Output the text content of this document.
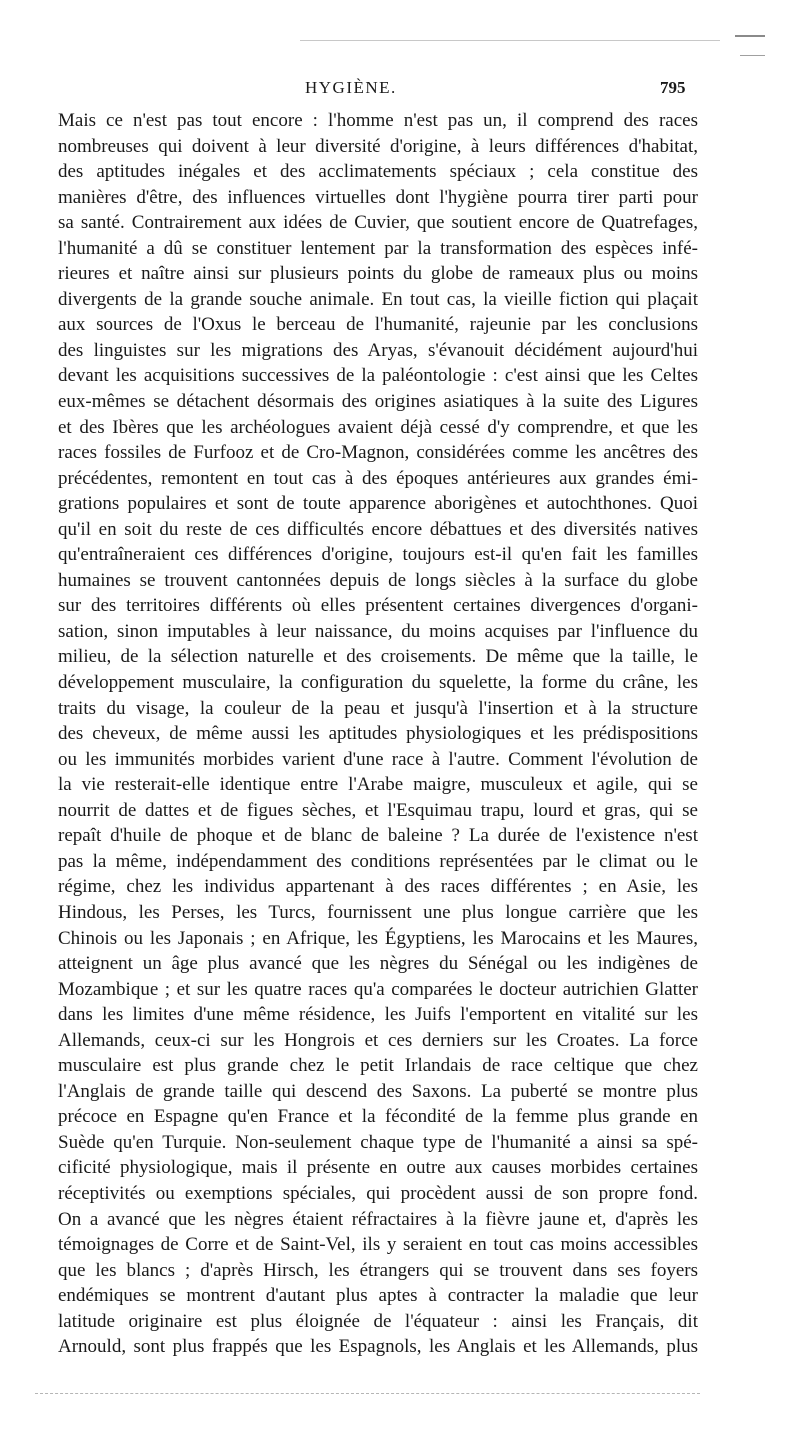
HYGIÈNE.	795
Mais ce n'est pas tout encore : l'homme n'est pas un, il comprend des races
nombreuses qui doivent à leur diversité d'origine, à leurs différences d'habitat,
des aptitudes inégales et des acclimatements spéciaux ; cela constitue des
manières d'être, des influences virtuelles dont l'hygiène pourra tirer parti pour
sa santé. Contrairement aux idées de Cuvier, que soutient encore de Quatrefages,
l'humanité a dû se constituer lentement par la transformation des espèces infé-
rieures et naître ainsi sur plusieurs points du globe de rameaux plus ou moins
divergents de la grande souche animale. En tout cas, la vieille fiction qui plaçait
aux sources de l'Oxus le berceau de l'humanité, rajeunie par les conclusions
des linguistes sur les migrations des Aryas, s'évanouit décidément aujourd'hui
devant les acquisitions successives de la paléontologie : c'est ainsi que les Celtes
eux-mêmes se détachent désormais des origines asiatiques à la suite des Ligures
et des Ibères que les archéologues avaient déjà cessé d'y comprendre, et que les
races fossiles de Furfooz et de Cro-Magnon, considérées comme les ancêtres des
précédentes, remontent en tout cas à des époques antérieures aux grandes émi-
grations populaires et sont de toute apparence aborigènes et autochthones. Quoi
qu'il en soit du reste de ces difficultés encore débattues et des diversités natives
qu'entraîneraient ces différences d'origine, toujours est-il qu'en fait les familles
humaines se trouvent cantonnées depuis de longs siècles à la surface du globe
sur des territoires différents où elles présentent certaines divergences d'organi-
sation, sinon imputables à leur naissance, du moins acquises par l'influence du
milieu, de la sélection naturelle et des croisements. De même que la taille, le
développement musculaire, la configuration du squelette, la forme du crâne, les
traits du visage, la couleur de la peau et jusqu'à l'insertion et à la structure
des cheveux, de même aussi les aptitudes physiologiques et les prédispositions
ou les immunités morbides varient d'une race à l'autre. Comment l'évolution de
la vie resterait-elle identique entre l'Arabe maigre, musculeux et agile, qui se
nourrit de dattes et de figues sèches, et l'Esquimau trapu, lourd et gras, qui se
repaît d'huile de phoque et de blanc de baleine ? La durée de l'existence n'est
pas la même, indépendamment des conditions représentées par le climat ou le
régime, chez les individus appartenant à des races différentes ; en Asie, les
Hindous, les Perses, les Turcs, fournissent une plus longue carrière que les
Chinois ou les Japonais ; en Afrique, les Égyptiens, les Marocains et les Maures,
atteignent un âge plus avancé que les nègres du Sénégal ou les indigènes de
Mozambique ; et sur les quatre races qu'a comparées le docteur autrichien Glatter
dans les limites d'une même résidence, les Juifs l'emportent en vitalité sur les
Allemands, ceux-ci sur les Hongrois et ces derniers sur les Croates. La force
musculaire est plus grande chez le petit Irlandais de race celtique que chez
l'Anglais de grande taille qui descend des Saxons. La puberté se montre plus
précoce en Espagne qu'en France et la fécondité de la femme plus grande en
Suède qu'en Turquie. Non-seulement chaque type de l'humanité a ainsi sa spé-
cificité physiologique, mais il présente en outre aux causes morbides certaines
réceptivités ou exemptions spéciales, qui procèdent aussi de son propre fond.
On a avancé que les nègres étaient réfractaires à la fièvre jaune et, d'après les
témoignages de Corre et de Saint-Vel, ils y seraient en tout cas moins accessibles
que les blancs ; d'après Hirsch, les étrangers qui se trouvent dans ses foyers
endémiques se montrent d'autant plus aptes à contracter la maladie que leur
latitude originaire est plus éloignée de l'équateur : ainsi les Français, dit
Arnould, sont plus frappés que les Espagnols, les Anglais et les Allemands, plus
